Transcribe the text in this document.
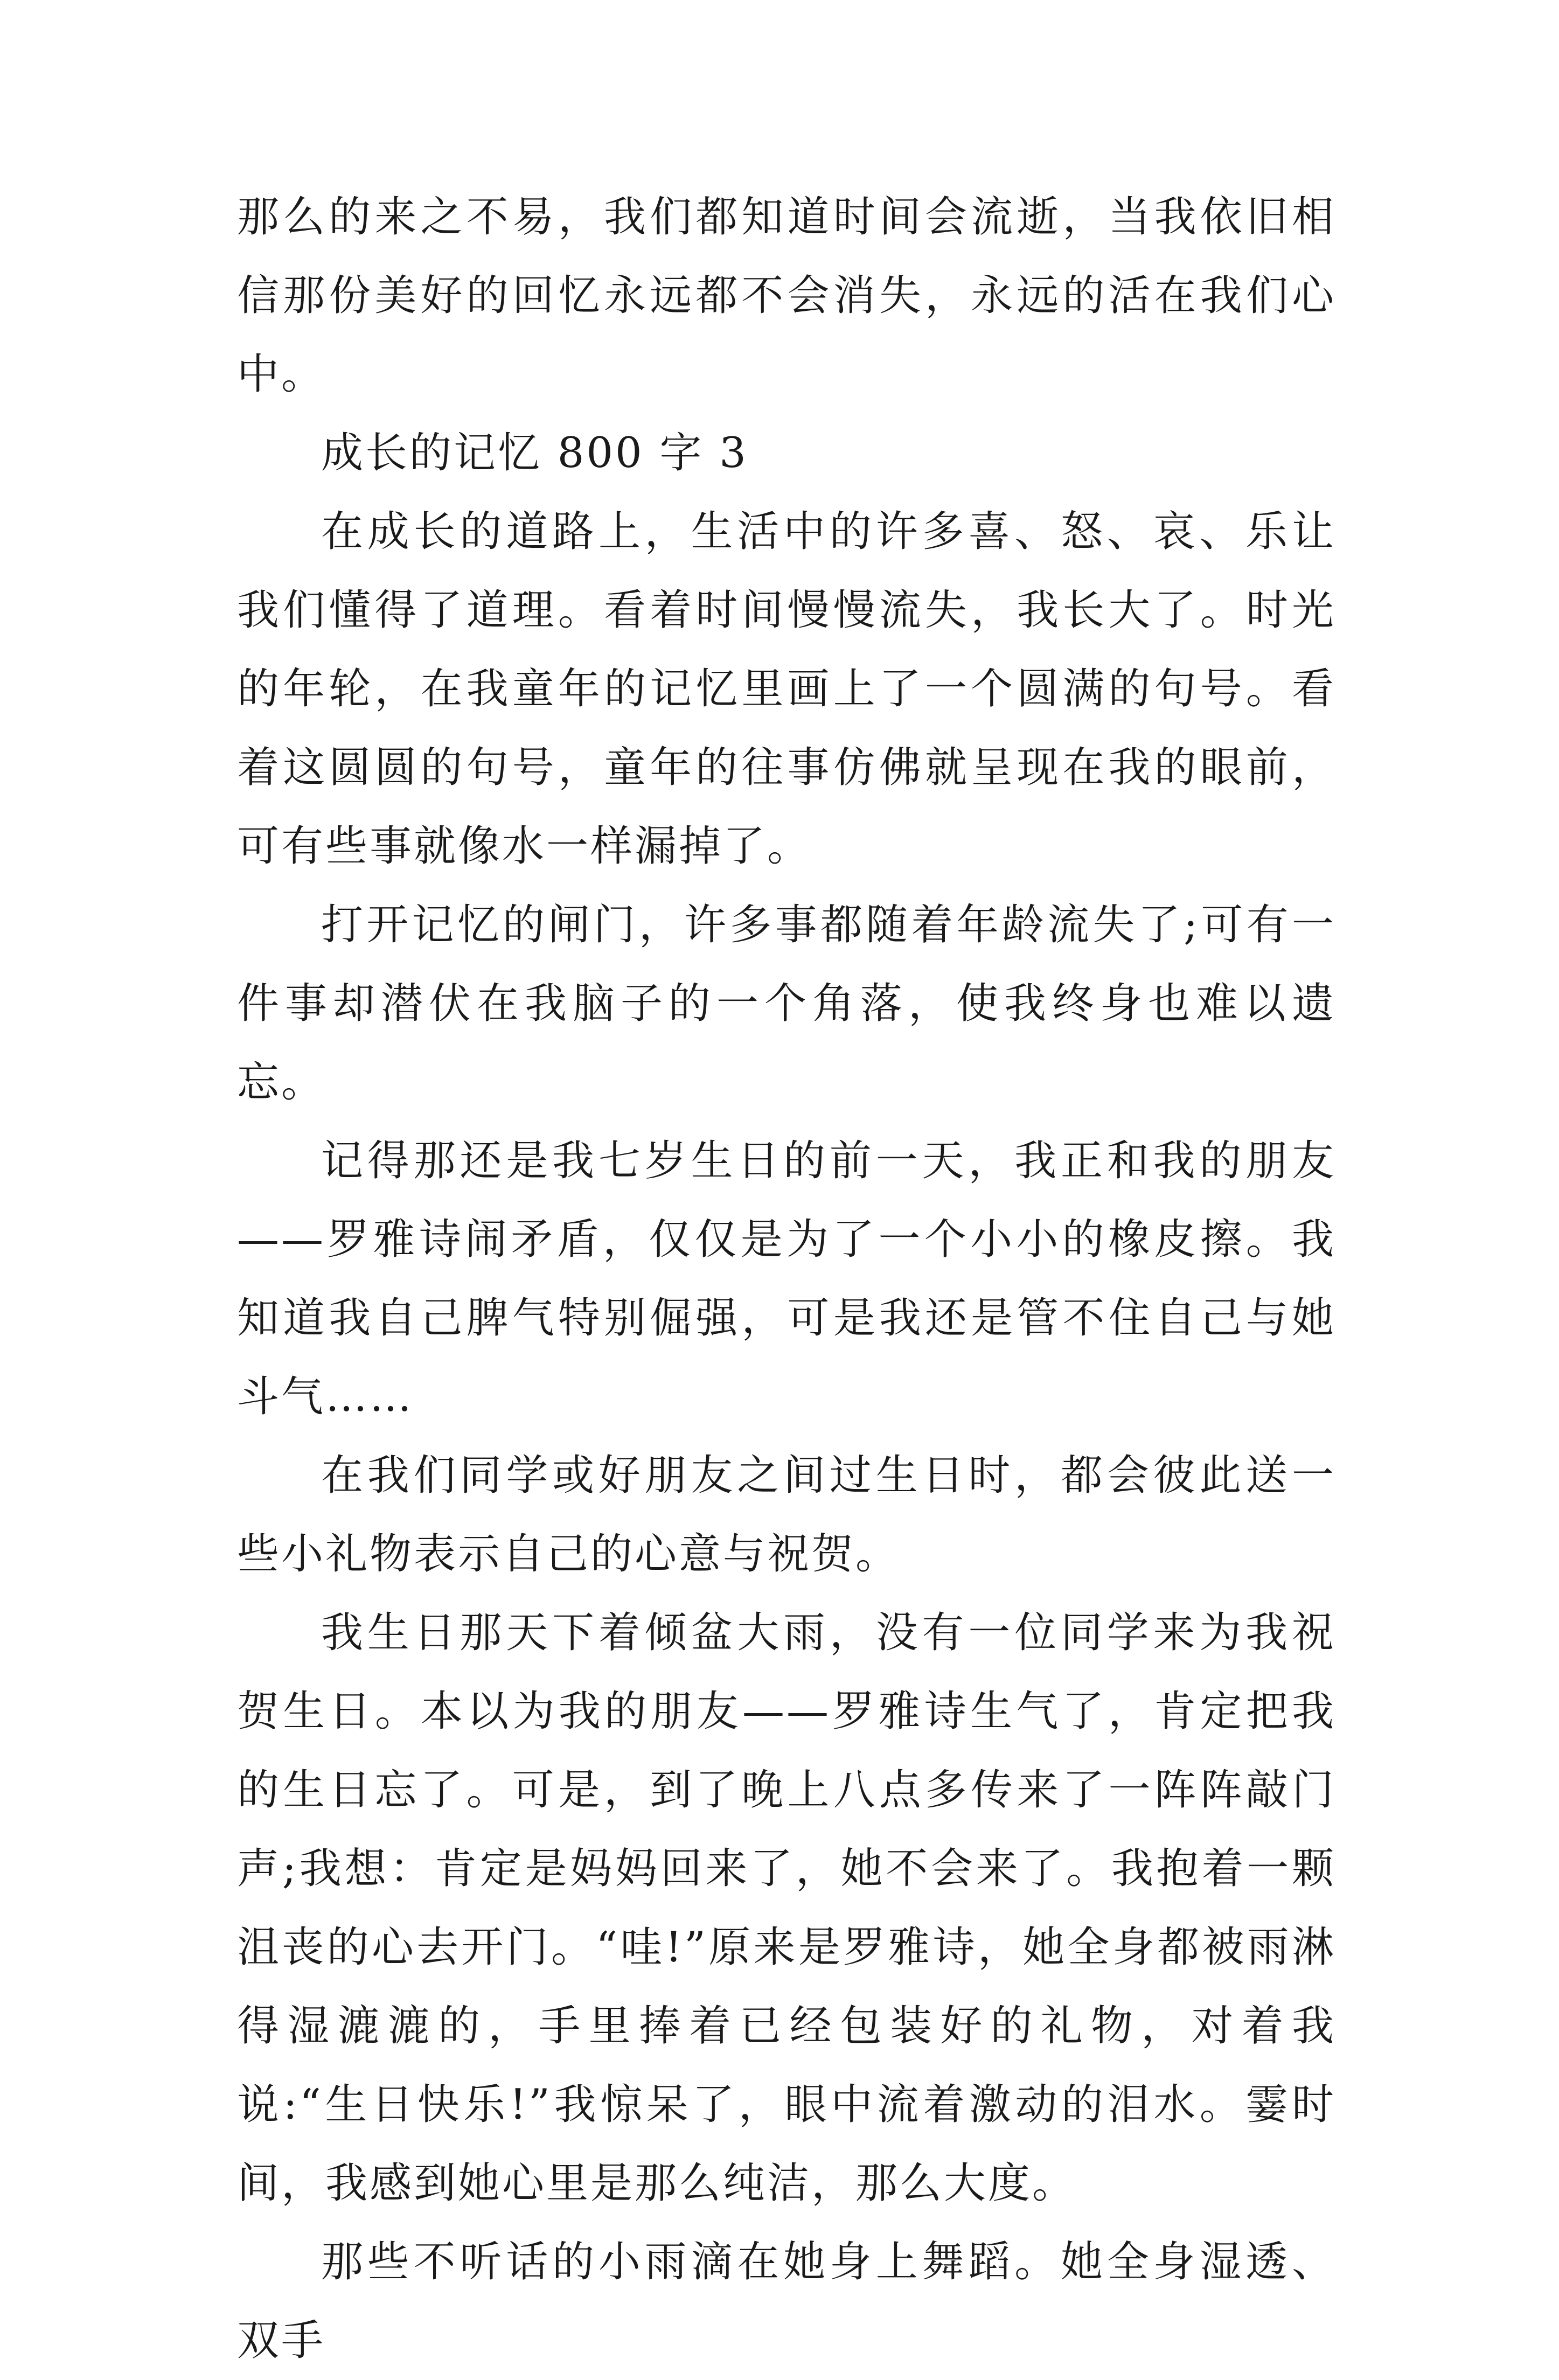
那么的来之不易，我们都知道时间会流逝，当我依旧相信那份美好的回忆永远都不会消失，永远的活在我们心中。

成长的记忆 800 字 3

在成长的道路上，生活中的许多喜、怒、哀、乐让我们懂得了道理。看着时间慢慢流失，我长大了。时光的年轮，在我童年的记忆里画上了一个圆满的句号。看着这圆圆的句号，童年的往事仿佛就呈现在我的眼前，可有些事就像水一样漏掉了。

打开记忆的闸门，许多事都随着年龄流失了;可有一件事却潜伏在我脑子的一个角落，使我终身也难以遗忘。

记得那还是我七岁生日的前一天，我正和我的朋友——罗雅诗闹矛盾，仅仅是为了一个小小的橡皮擦。我知道我自己脾气特别倔强，可是我还是管不住自己与她斗气……

在我们同学或好朋友之间过生日时，都会彼此送一些小礼物表示自己的心意与祝贺。

我生日那天下着倾盆大雨，没有一位同学来为我祝贺生日。本以为我的朋友——罗雅诗生气了，肯定把我的生日忘了。可是，到了晚上八点多传来了一阵阵敲门声;我想：肯定是妈妈回来了，她不会来了。我抱着一颗沮丧的心去开门。“哇!”原来是罗雅诗，她全身都被雨淋得湿漉漉的，手里捧着已经包装好的礼物，对着我说:“生日快乐!”我惊呆了，眼中流着激动的泪水。霎时间，我感到她心里是那么纯洁，那么大度。

那些不听话的小雨滴在她身上舞蹈。她全身湿透、双手
